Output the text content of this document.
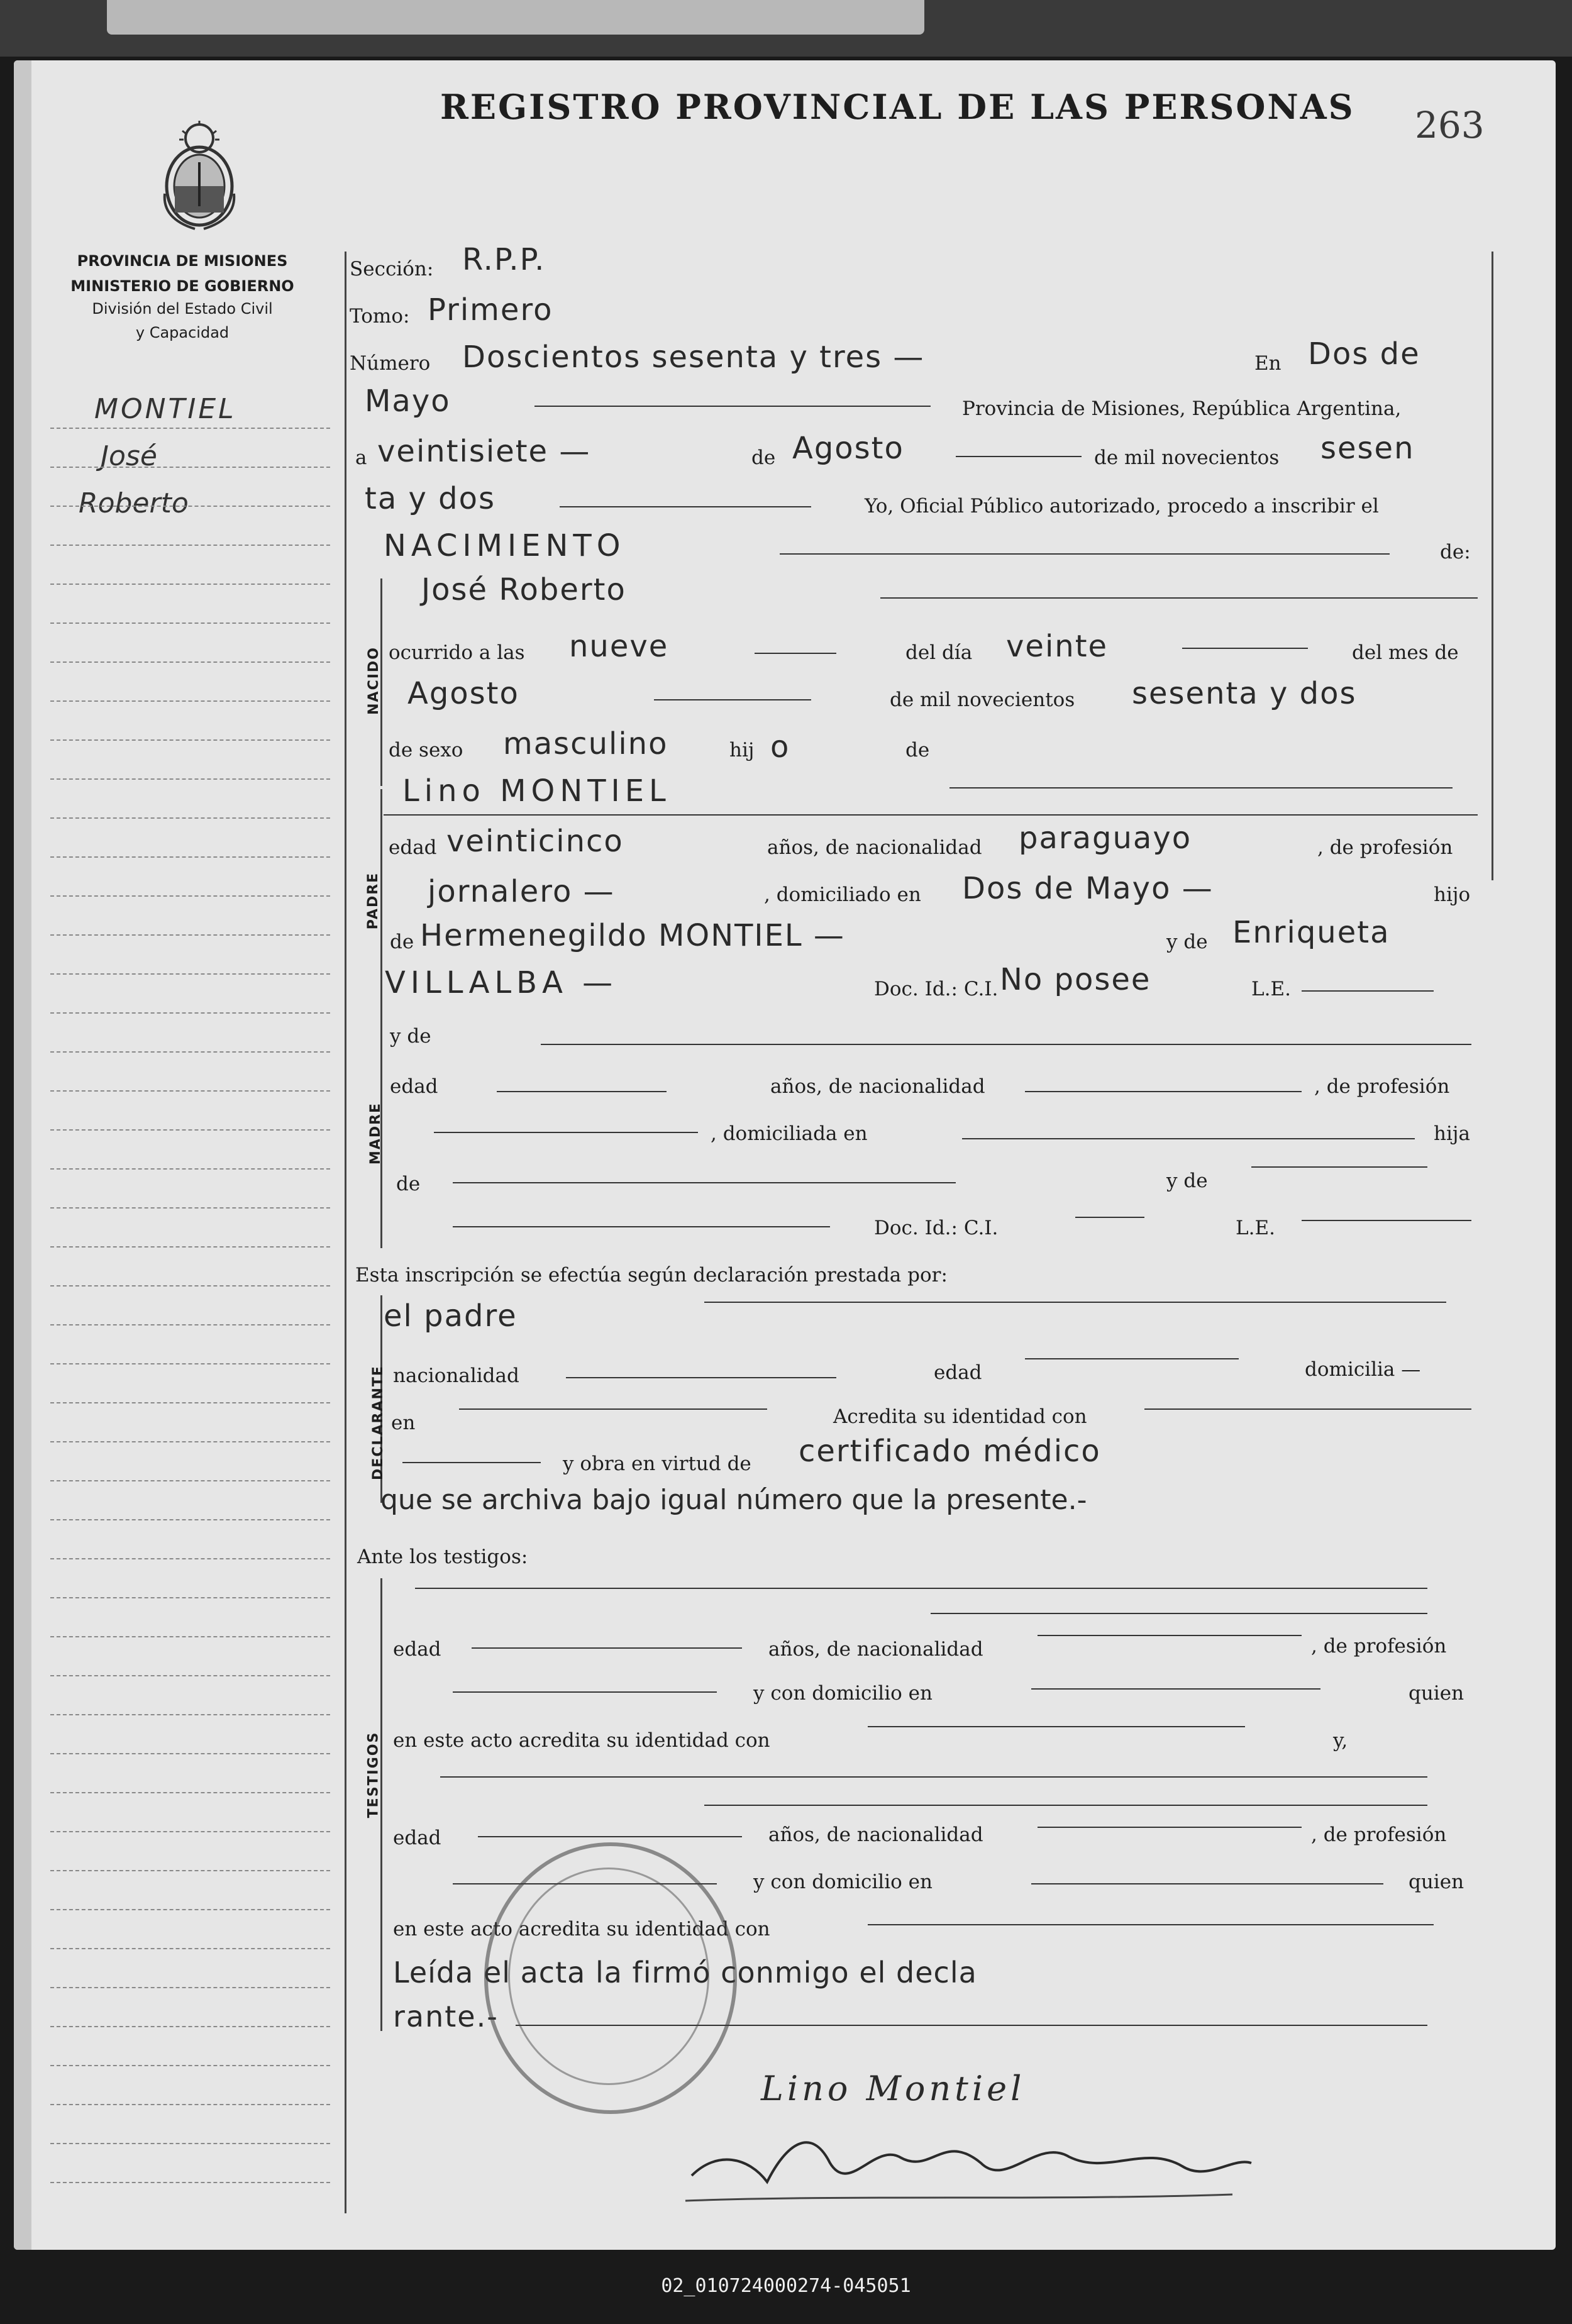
REGISTRO PROVINCIAL DE LAS PERSONAS 263
PROVINCIA DE MISIONES
MINISTERIO DE GOBIERNO
División del Estado Civil
y Capacidad
MONTIEL
José
Roberto
Sección: R.P.P.
Tomo: Primero
Número Doscientos sesenta y tres —	En Dos de
Mayo	Provincia de Misiones, República Argentina,
a veintisiete —	de Agosto	de mil novecientos sesen
ta y dos	Yo, Oficial Público autorizado, procedo a inscribir el
NACIMIENTO	de:
NACIDO
José Roberto
ocurrido a las nueve	del día veinte	del mes de
Agosto	de mil novecientos sesenta y dos
de sexo masculino	hij o	de
PADRE
Lino MONTIEL
edad veinticinco	años, de nacionalidad paraguayo	, de profesión
jornalero —	, domiciliado en Dos de Mayo —	hijo
de Hermenegildo MONTIEL —	y de Enriqueta
VILLALBA —	Doc. Id.: C.I. No posee	L.E.
MADRE
y de
edad	años, de nacionalidad	, de profesión
, domiciliada en	hija
de	y de
Doc. Id.: C.I.	L.E.
Esta inscripción se efectúa según declaración prestada por:
DECLARANTE
el padre
nacionalidad	edad	domicilia —
en	Acredita su identidad con
y obra en virtud de certificado médico
que se archiva bajo igual número que la presente.-
Ante los testigos:
TESTIGOS
edad	años, de nacionalidad	, de profesión
y con domicilio en	quien
en este acto acredita su identidad con	y,
edad	años, de nacionalidad	, de profesión
y con domicilio en	quien
en este acto acredita su identidad con
Leída el acta la firmó conmigo el decla
rante.-
Lino Montiel
02_010724000274-045051
